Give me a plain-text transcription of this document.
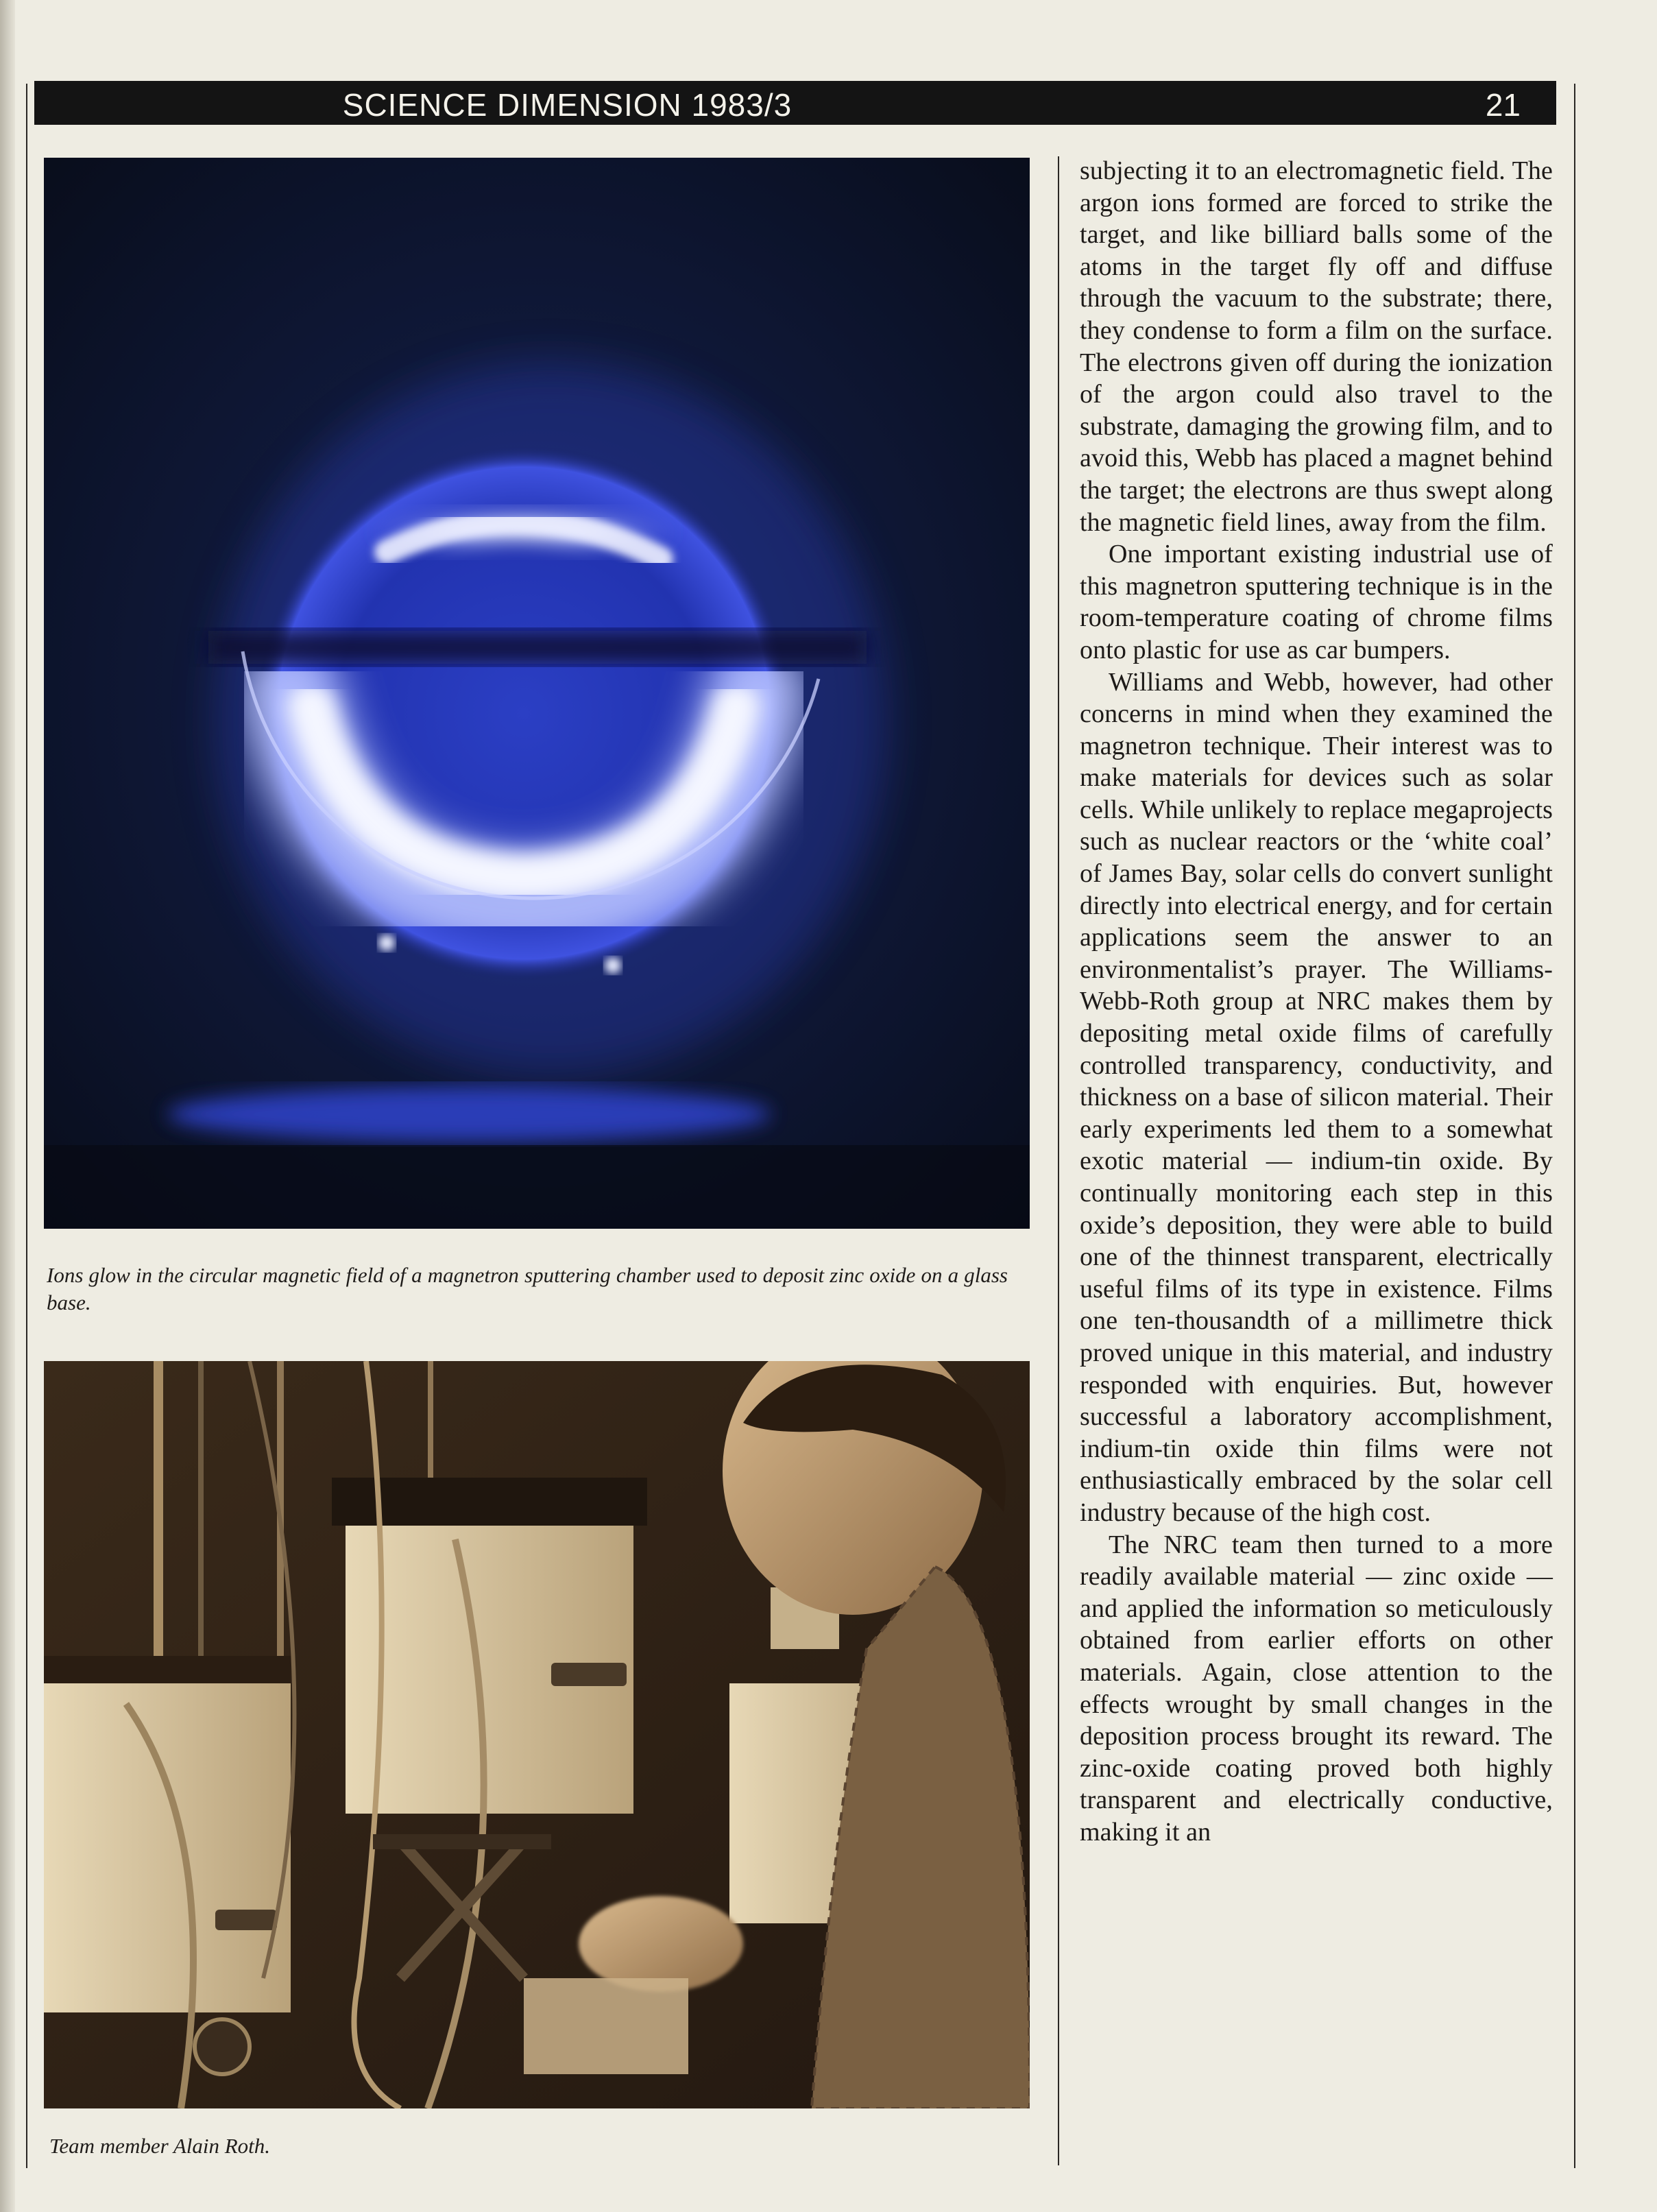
SCIENCE DIMENSION 1983/3	21
Ions glow in the circular magnetic field of a magnetron sputtering chamber used to deposit zinc oxide on a glass base.
Team member Alain Roth.

subjecting it to an electromagnetic field. The argon ions formed are forced to strike the target, and like billiard balls some of the atoms in the target fly off and diffuse through the vacuum to the substrate; there, they condense to form a film on the surface. The electrons given off during the ionization of the argon could also travel to the substrate, damaging the growing film, and to avoid this, Webb has placed a magnet behind the target; the electrons are thus swept along the magnetic field lines, away from the film.

One important existing industrial use of this magnetron sputtering technique is in the room-temperature coating of chrome films onto plastic for use as car bumpers.

Williams and Webb, however, had other concerns in mind when they examined the magnetron technique. Their interest was to make materials for devices such as solar cells. While unlikely to replace megaprojects such as nuclear reactors or the ‘white coal’ of James Bay, solar cells do convert sunlight directly into electrical energy, and for certain applications seem the answer to an environmentalist’s prayer. The Williams-Webb-Roth group at NRC makes them by depositing metal oxide films of carefully controlled transparency, conductivity, and thickness on a base of silicon material. Their early experiments led them to a somewhat exotic material — indium-tin oxide. By continually monitoring each step in this oxide’s deposition, they were able to build one of the thinnest transparent, electrically useful films of its type in existence. Films one ten-thousandth of a millimetre thick proved unique in this material, and industry responded with enquiries. But, however successful a laboratory accomplishment, indium-tin oxide thin films were not enthusiastically embraced by the solar cell industry because of the high cost.

The NRC team then turned to a more readily available material — zinc oxide — and applied the information so meticulously obtained from earlier efforts on other materials. Again, close attention to the effects wrought by small changes in the deposition process brought its reward. The zinc-oxide coating proved both highly transparent and electrically conductive, making it an
